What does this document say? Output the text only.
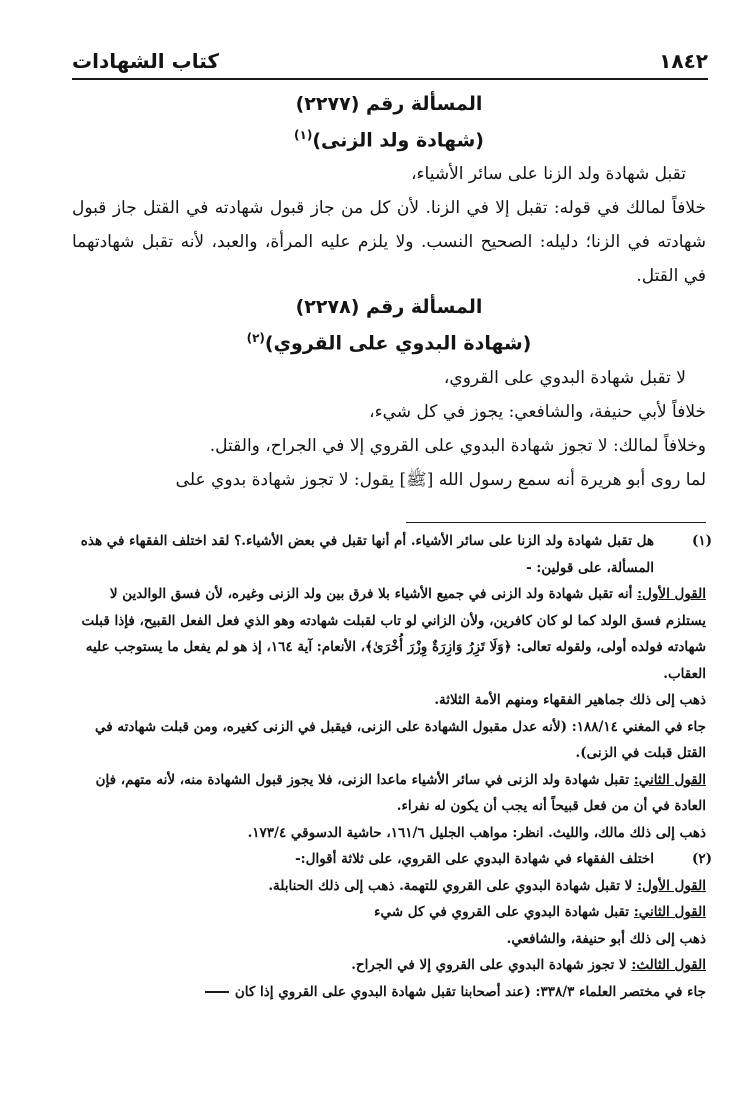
١٨٤٢
كتاب الشهادات
المسألة رقم (٢٢٧٧)
(شهادة ولد الزنى)$^{(١)}$

تقبل شهادة ولد الزنا على سائر الأشياء،

خلافاً لمالك في قوله: تقبل إلا في الزنا. لأن كل من جاز قبول شهادته في القتل جاز قبول شهادته في الزنا؛ دليله: الصحيح النسب. ولا يلزم عليه المرأة، والعبد، لأنه تقبل شهادتهما في القتل.

المسألة رقم (٢٢٧٨)
(شهادة البدوي على القروي)$^{(٢)}$

لا تقبل شهادة البدوي على القروي،

خلافاً لأبي حنيفة، والشافعي: يجوز في كل شيء،

وخلافاً لمالك: لا تجوز شهادة البدوي على القروي إلا في الجراح، والقتل.

لما روى أبو هريرة أنه سمع رسول الله [ﷺ] يقول: لا تجوز شهادة بدوي على

(١)

هل تقبل شهادة ولد الزنا على سائر الأشياء. أم أنها تقبل في بعض الأشياء.؟ لقد اختلف الفقهاء في هذه المسألة، على قولين: -

القول الأول: أنه تقبل شهادة ولد الزنى في جميع الأشياء بلا فرق بين ولد الزنى وغيره، لأن فسق الوالدين لا يستلزم فسق الولد كما لو كان كافرين، ولأن الزاني لو تاب لقبلت شهادته وهو الذي فعل الفعل القبيح، فإذا قبلت شهادته فولده أولى، ولقوله تعالى: ﴿وَلَا تَزِرُ وَازِرَةٌ وِزْرَ أُخْرَىٰ﴾، الأنعام: آية ١٦٤، إذ هو لم يفعل ما يستوجب عليه العقاب.

ذهب إلى ذلك جماهير الفقهاء ومنهم الأمة الثلاثة.

جاء في المغني ١٨٨/١٤: (لأنه عدل مقبول الشهادة على الزنى، فيقبل في الزنى كغيره، ومن قبلت شهادته في القتل قبلت في الزنى).

القول الثاني: تقبل شهادة ولد الزنى في سائر الأشياء ماعدا الزنى، فلا يجوز قبول الشهادة منه، لأنه متهم، فإن العادة في أن من فعل قبيحاً أنه يجب أن يكون له نفراء.

ذهب إلى ذلك مالك، والليث. انظر: مواهب الجليل ١٦١/٦، حاشية الدسوقي ١٧٣/٤.

(٢)

اختلف الفقهاء في شهادة البدوي على القروي، على ثلاثة أقوال:-

القول الأول: لا تقبل شهادة البدوي على القروي للتهمة. ذهب إلى ذلك الحنابلة.

القول الثاني: تقبل شهادة البدوي على القروي في كل شيء

ذهب إلى ذلك أبو حنيفة، والشافعي.

القول الثالث: لا تجوز شهادة البدوي على القروي إلا في الجراح.

جاء في مختصر العلماء ٣٣٨/٣: (عند أصحابنا تقبل شهادة البدوي على القروي إذا كان
